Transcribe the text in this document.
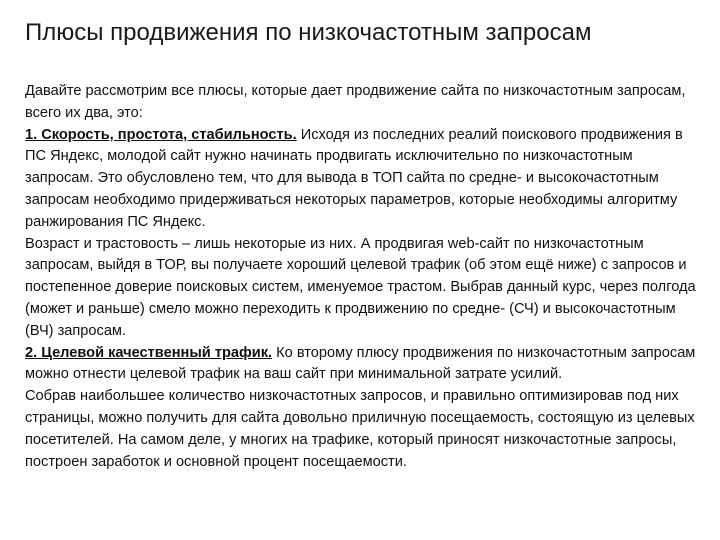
Плюсы продвижения по низкочастотным запросам

Давайте рассмотрим все плюсы, которые дает продвижение сайта по низкочастотным запросам, всего их два, это:

1. Скорость, простота, стабильность. Исходя из последних реалий поискового продвижения в ПС Яндекс, молодой сайт нужно начинать продвигать исключительно по низкочастотным запросам. Это обусловлено тем, что для вывода в ТОП сайта по средне- и высокочастотным запросам необходимо придерживаться некоторых параметров, которые необходимы алгоритму ранжирования ПС Яндекс.

Возраст и трастовость – лишь некоторые из них. А продвигая web-сайт по низкочастотным запросам, выйдя в ТОР, вы получаете хороший целевой трафик (об этом ещё ниже) с запросов и постепенное доверие поисковых систем, именуемое трастом. Выбрав данный курс, через полгода (может и раньше) смело можно переходить к продвижению по средне- (СЧ) и высокочастотным (ВЧ) запросам.

2. Целевой качественный трафик. Ко второму плюсу продвижения по низкочастотным запросам можно отнести целевой трафик на ваш сайт при минимальной затрате усилий.

Собрав наибольшее количество низкочастотных запросов, и правильно оптимизировав под них страницы, можно получить для сайта довольно приличную посещаемость, состоящую из целевых посетителей. На самом деле, у многих на трафике, который приносят низкочастотные запросы, построен заработок и основной процент посещаемости.
